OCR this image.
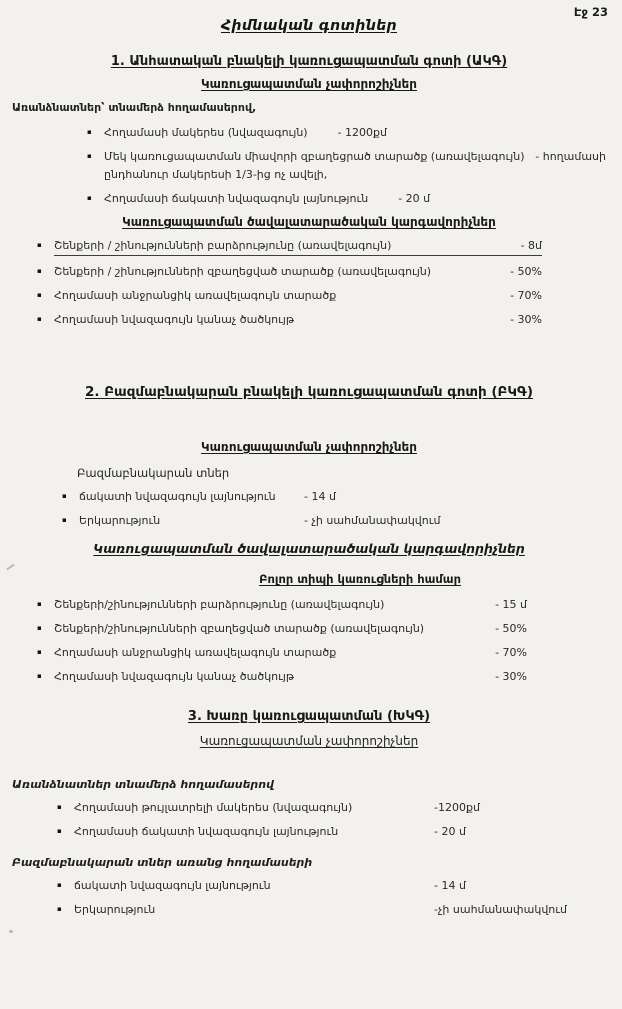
Էջ 23
Հիմնական գոտիներ
1. Անհատական բնակելի կառուցապատման գոտի (ԱԿԳ)
Կառուցապատման չափորոշիչներ
Առանձնատներ՝ տնամերձ հողամասերով,
▪	Հողամասի մակերես (նվազագույն)	- 1200քմ
▪	Մեկ կառուցապատման միավորի զբաղեցրած տարածք (առավելագույն) - հողամասի
ընդհանուր մակերեսի 1/3-ից ոչ ավելի,
▪	Հողամասի ճակատի նվազագույն լայնություն	- 20 մ
Կառուցապատման ծավալատարածական կարգավորիչներ
▪	Շենքերի / շինությունների բարձրությունը (առավելագույն)	- 8մ
▪	Շենքերի / շինությունների զբաղեցված տարածք (առավելագույն)	- 50%
▪	Հողամասի անջրանցիկ առավելագույն տարածք	- 70%
▪	Հողամասի նվազագույն կանաչ ծածկույթ	- 30%
2. Բազմաբնակարան բնակելի կառուցապատման գոտի (ԲԿԳ)
Կառուցապատման չափորոշիչներ
Բազմաբնակարան տներ
▪	ճակատի նվազագույն լայնություն	- 14 մ
▪	Երկարություն	- չի սահմանափակվում
Կառուցապատման ծավալատարածական կարգավորիչներ
Բոլոր տիպի կառուցների համար
▪	Շենքերի/շինությունների բարձրությունը (առավելագույն)	- 15 մ
▪	Շենքերի/շինությունների զբաղեցված տարածք (առավելագույն)	- 50%
▪	Հողամասի անջրանցիկ առավելագույն տարածք	- 70%
▪	Հողամասի նվազագույն կանաչ ծածկույթ	- 30%
3. Խառը կառուցապատման (ԽԿԳ)
Կառուցապատման չափորոշիչներ
Առանձնատներ տնամերձ հողամասերով
▪	Հողամասի թույլատրելի մակերես (նվազագույն)	-1200քմ
▪	Հողամասի ճակատի նվազագույն լայնություն	- 20 մ
Բազմաբնակարան տներ առանց հողամասերի
▪	ճակատի նվազագույն լայնություն	- 14 մ
▪	Երկարություն	-չի սահմանափակվում
